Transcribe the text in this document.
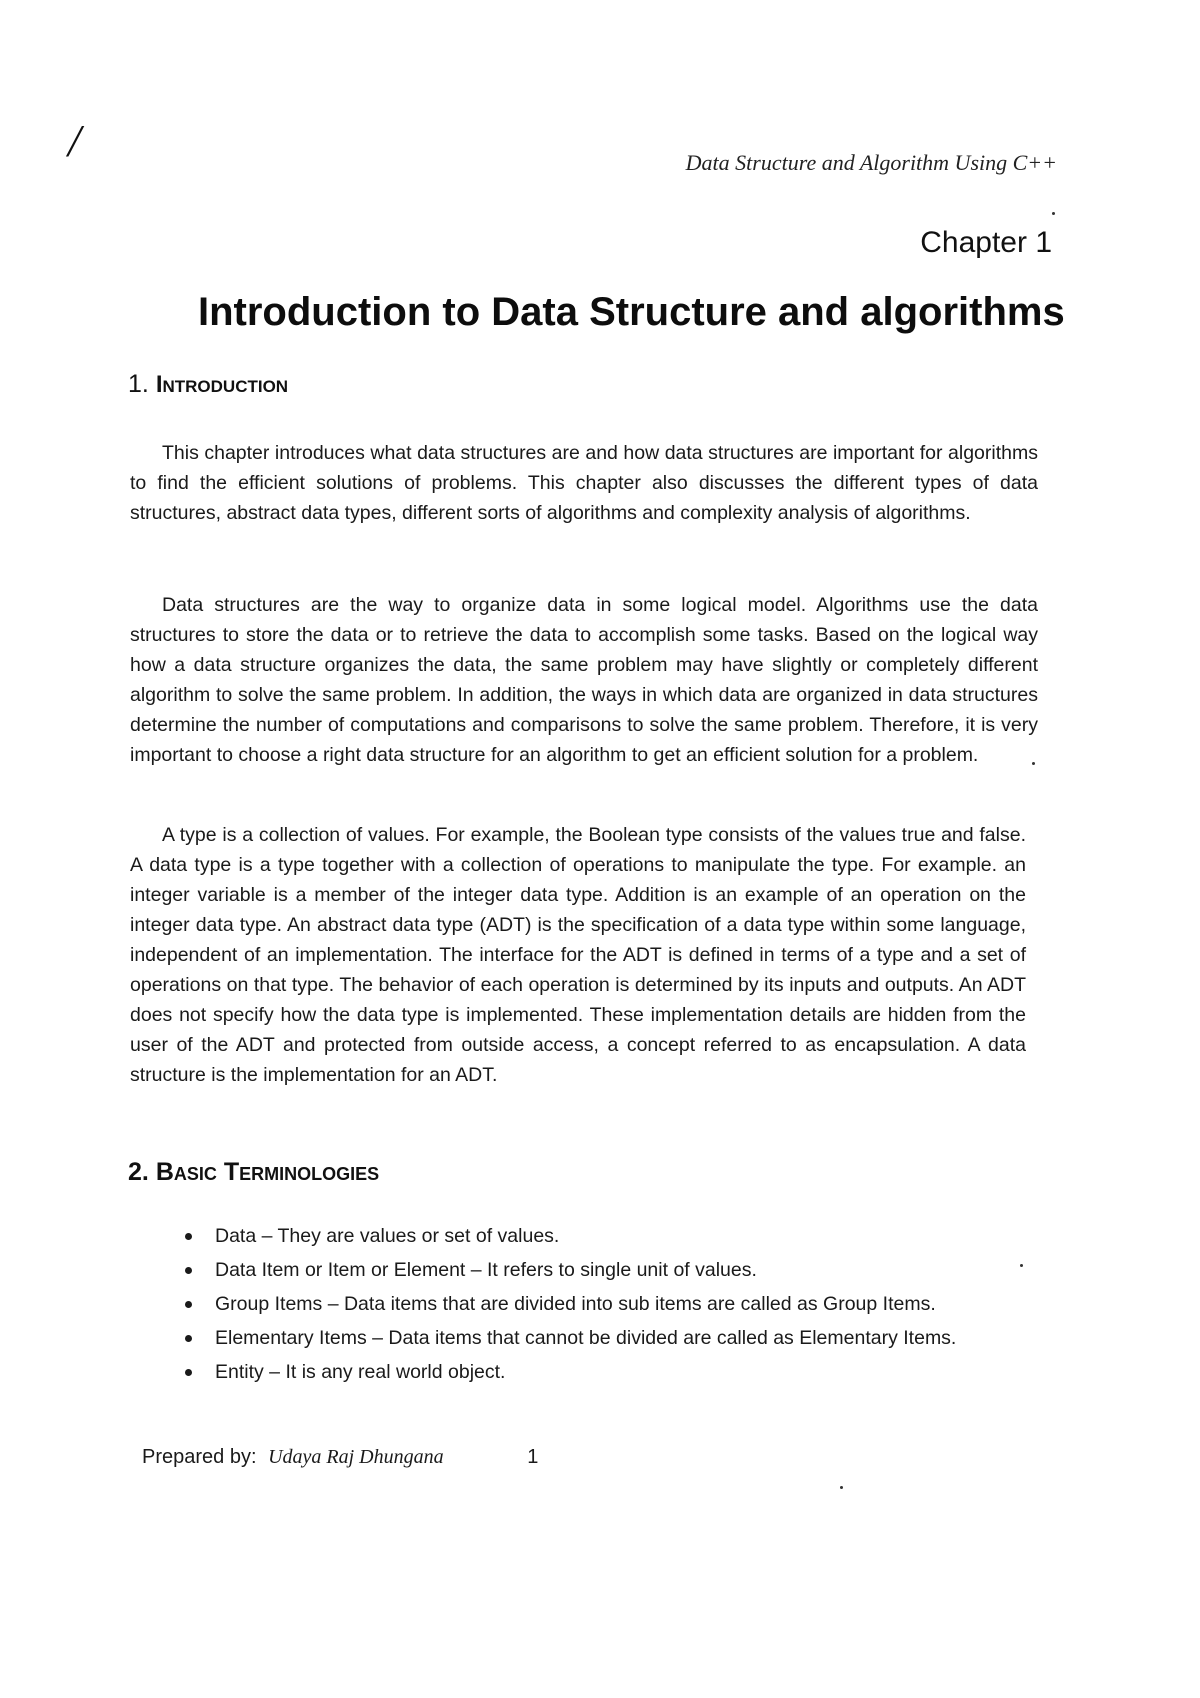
/	Data Structure and Algorithm Using C++
Chapter 1
Introduction to Data Structure and algorithms
1. Introduction

This chapter introduces what data structures are and how data structures are important for algorithms to find the efficient solutions of problems. This chapter also discusses the different types of data structures, abstract data types, different sorts of algorithms and complexity analysis of algorithms.

Data structures are the way to organize data in some logical model. Algorithms use the data structures to store the data or to retrieve the data to accomplish some tasks. Based on the logical way how a data structure organizes the data, the same problem may have slightly or completely different algorithm to solve the same problem. In addition, the ways in which data are organized in data structures determine the number of computations and comparisons to solve the same problem. Therefore, it is very important to choose a right data structure for an algorithm to get an efficient solution for a problem.

A type is a collection of values. For example, the Boolean type consists of the values true and false. A data type is a type together with a collection of operations to manipulate the type. For example. an integer variable is a member of the integer data type. Addition is an example of an operation on the integer data type. An abstract data type (ADT) is the specification of a data type within some language, independent of an implementation. The interface for the ADT is defined in terms of a type and a set of operations on that type. The behavior of each operation is determined by its inputs and outputs. An ADT does not specify how the data type is implemented. These implementation details are hidden from the user of the ADT and protected from outside access, a concept referred to as encapsulation. A data structure is the implementation for an ADT.

2. Basic Terminologies
Data – They are values or set of values.
Data Item or Item or Element – It refers to single unit of values.
Group Items – Data items that are divided into sub items are called as Group Items.
Elementary Items – Data items that cannot be divided are called as Elementary Items.
Entity – It is any real world object.
Prepared by: Udaya Raj Dhungana	1
